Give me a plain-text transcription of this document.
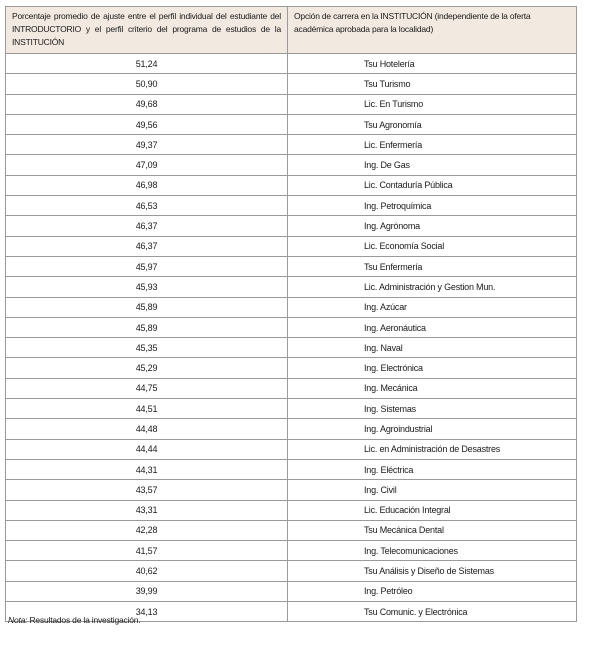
Porcentaje promedio de ajuste entre el perfil individual del estudiante del INTRODUCTORIO y el perfil criterio del programa de estudios de la INSTITUCIÓN	Opción de carrera en la INSTITUCIÓN (independiente de la oferta académica aprobada para la localidad)
51,24	Tsu Hotelería
50,90	Tsu Turismo
49,68	Lic. En Turismo
49,56	Tsu Agronomía
49,37	Lic. Enfermería
47,09	Ing. De Gas
46,98	Lic. Contaduría Pública
46,53	Ing. Petroquímica
46,37	Ing. Agrónoma
46,37	Lic. Economía Social
45,97	Tsu Enfermería
45,93	Lic. Administración y Gestion Mun.
45,89	Ing. Azúcar
45,89	Ing. Aeronáutica
45,35	Ing. Naval
45,29	Ing. Electrónica
44,75	Ing. Mecánica
44,51	Ing. Sistemas
44,48	Ing. Agroindustrial
44,44	Lic. en Administración de Desastres
44,31	Ing. Eléctrica
43,57	Ing. Civil
43,31	Lic. Educación Integral
42,28	Tsu Mecánica Dental
41,57	Ing. Telecomunicaciones
40,62	Tsu Análisis y Diseño de Sistemas
39,99	Ing. Petróleo
34,13	Tsu Comunic. y Electrónica
Nota: Resultados de la investigación.
